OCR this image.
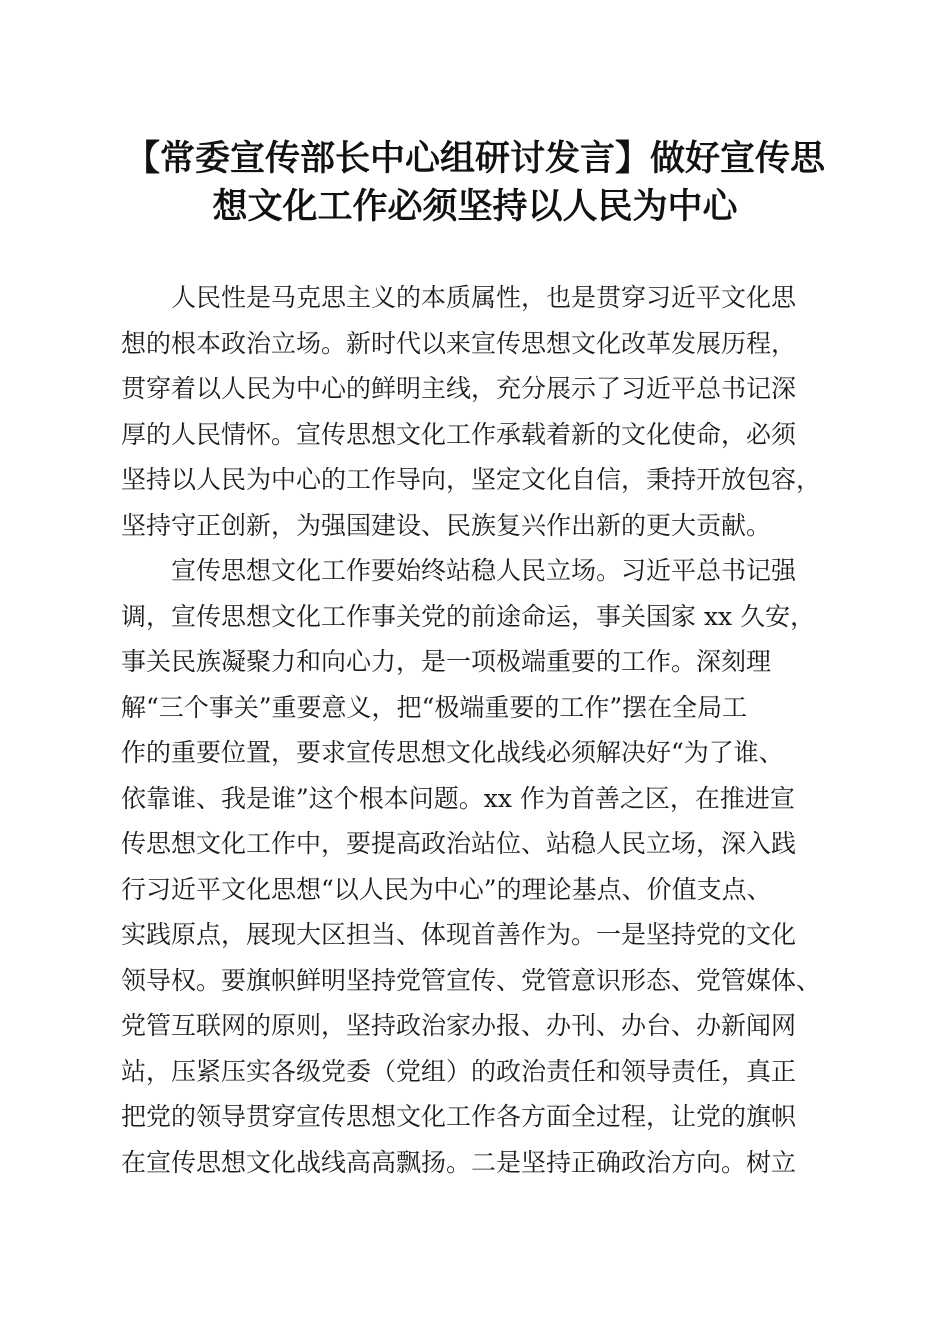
【常委宣传部长中心组研讨发言】做好宣传思
想文化工作必须坚持以人民为中心
人民性是马克思主义的本质属性，也是贯穿习近平文化思
想的根本政治立场。新时代以来宣传思想文化改革发展历程，
贯穿着以人民为中心的鲜明主线，充分展示了习近平总书记深
厚的人民情怀。宣传思想文化工作承载着新的文化使命，必须
坚持以人民为中心的工作导向，坚定文化自信，秉持开放包容，
坚持守正创新，为强国建设、民族复兴作出新的更大贡献。
宣传思想文化工作要始终站稳人民立场。习近平总书记强
调，宣传思想文化工作事关党的前途命运，事关国家 xx 久安，
事关民族凝聚力和向心力，是一项极端重要的工作。深刻理
解“三个事关”重要意义，把“极端重要的工作”摆在全局工
作的重要位置，要求宣传思想文化战线必须解决好“为了谁、
依靠谁、我是谁”这个根本问题。xx 作为首善之区，在推进宣
传思想文化工作中，要提高政治站位、站稳人民立场，深入践
行习近平文化思想“以人民为中心”的理论基点、价值支点、
实践原点，展现大区担当、体现首善作为。一是坚持党的文化
领导权。要旗帜鲜明坚持党管宣传、党管意识形态、党管媒体、
党管互联网的原则，坚持政治家办报、办刊、办台、办新闻网
站，压紧压实各级党委（党组）的政治责任和领导责任，真正
把党的领导贯穿宣传思想文化工作各方面全过程，让党的旗帜
在宣传思想文化战线高高飘扬。二是坚持正确政治方向。树立
